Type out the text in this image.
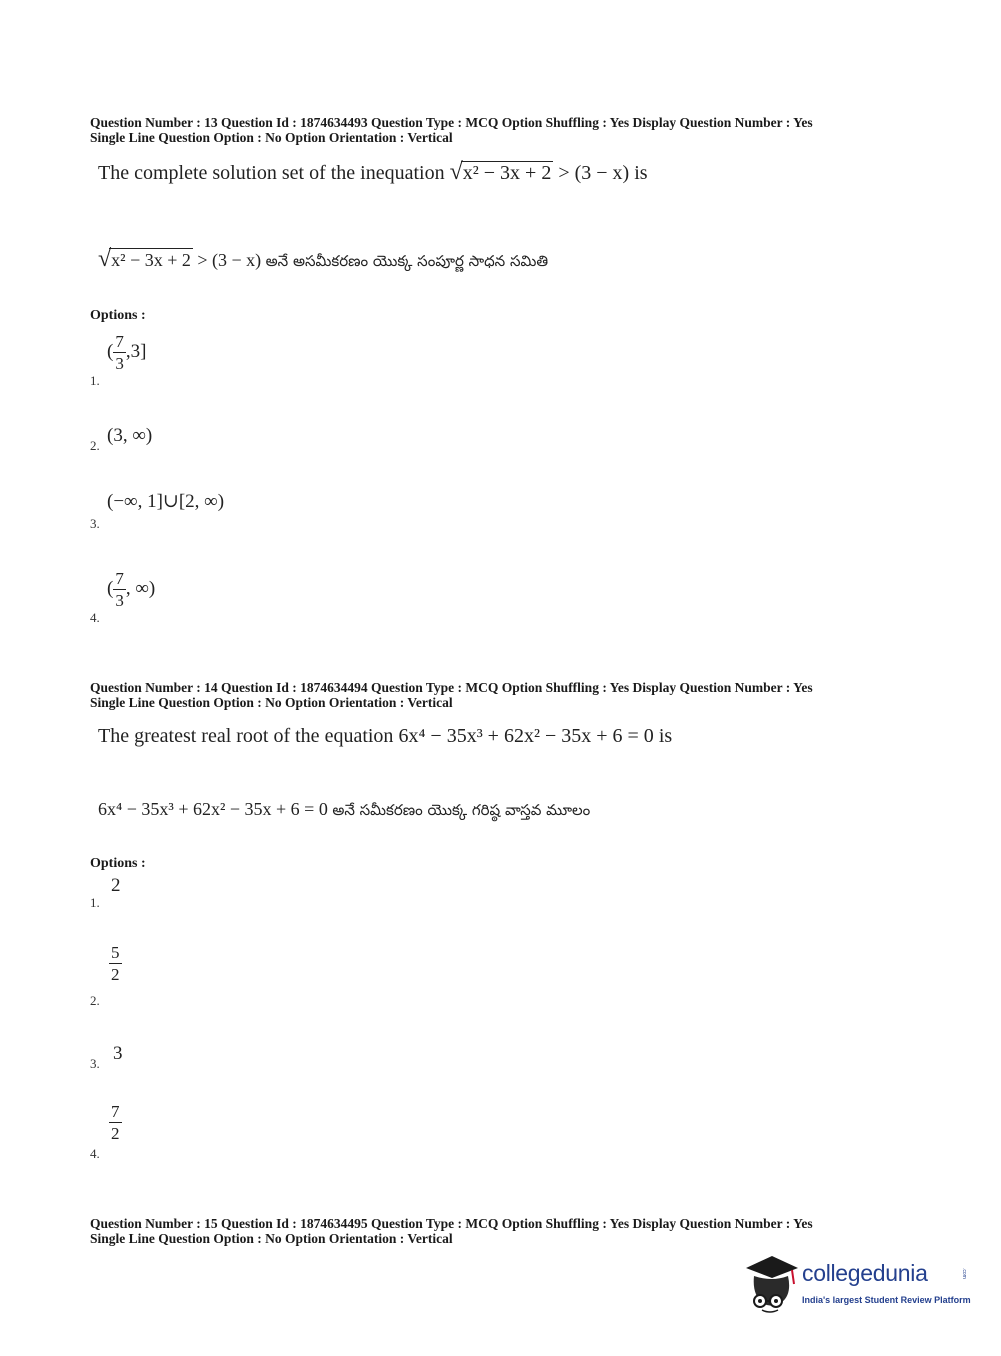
Question Number : 13 Question Id : 1874634493 Question Type : MCQ Option Shuffling : Yes Display Question Number : Yes
Single Line Question Option : No Option Orientation : Vertical
The complete solution set of the inequation √x² − 3x + 2 > (3 − x) is
√x² − 3x + 2 > (3 − x) అనే అసమీకరణం యొక్క సంపూర్ణ సాధన సమితి
Options :
1.
( $\frac{7}{3} ,3$]
2. (3, ∞)
3.
(−∞, 1]∪[2, ∞)
4.
( $\frac{7}{3}$ , ∞)
Question Number : 14 Question Id : 1874634494 Question Type : MCQ Option Shuffling : Yes Display Question Number : Yes
Single Line Question Option : No Option Orientation : Vertical
The greatest real root of the equation 6x⁴ − 35x³ + 62x² − 35x + 6 = 0 is
6x⁴ − 35x³ + 62x² − 35x + 6 = 0 అనే సమీకరణం యొక్క గరిష్ఠ వాస్తవ మూలం
Options :
1.
2
2.
$\frac{5}{2}$
3. 3
4.
$\frac{7}{2}$
Question Number : 15 Question Id : 1874634495 Question Type : MCQ Option Shuffling : Yes Display Question Number : Yes
Single Line Question Option : No Option Orientation : Vertical
collegedunia	.com
India's largest Student Review Platform
